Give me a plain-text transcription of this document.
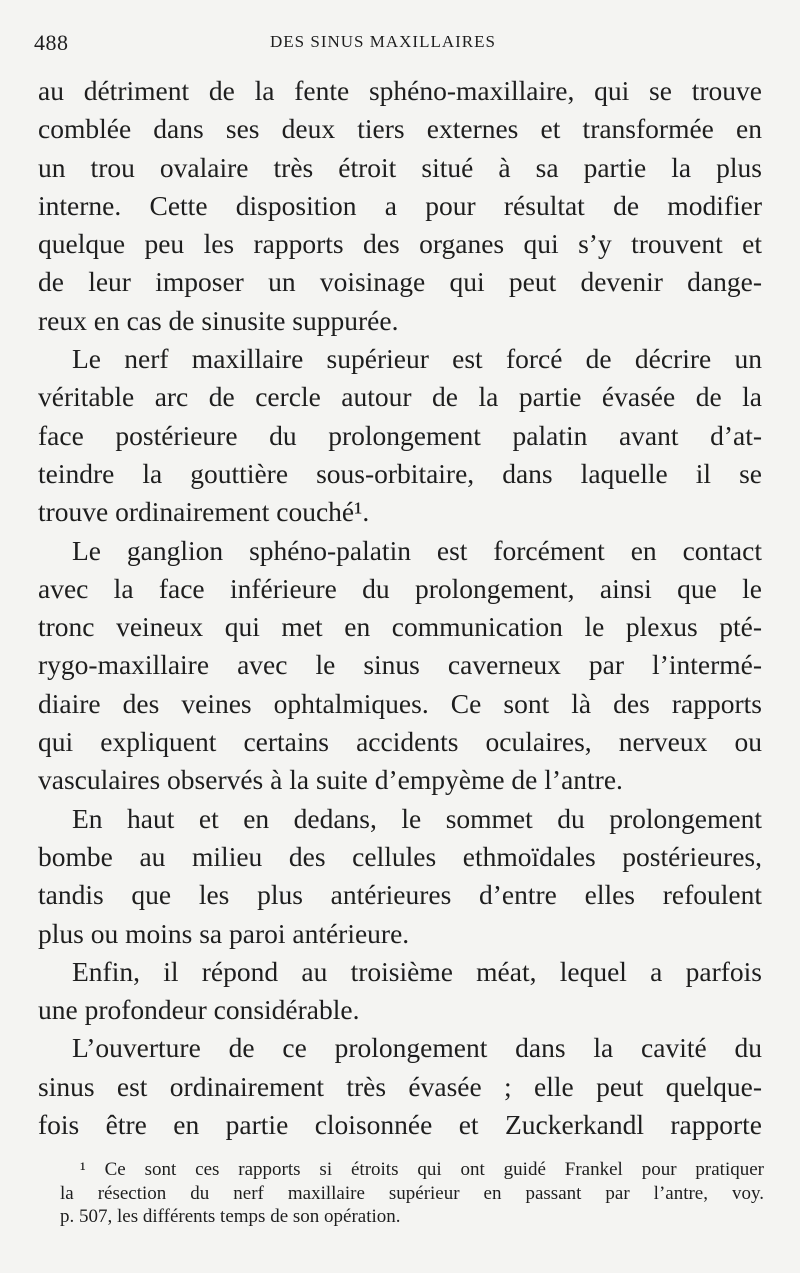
488	DES SINUS MAXILLAIRES
au détriment de la fente sphéno-maxillaire, qui se trouve
comblée dans ses deux tiers externes et transformée en
un trou ovalaire très étroit situé à sa partie la plus
interne. Cette disposition a pour résultat de modifier
quelque peu les rapports des organes qui s’y trouvent et
de leur imposer un voisinage qui peut devenir dange-
reux en cas de sinusite suppurée.
Le nerf maxillaire supérieur est forcé de décrire un
véritable arc de cercle autour de la partie évasée de la
face postérieure du prolongement palatin avant d’at-
teindre la gouttière sous-orbitaire, dans laquelle il se
trouve ordinairement couché¹.
Le ganglion sphéno-palatin est forcément en contact
avec la face inférieure du prolongement, ainsi que le
tronc veineux qui met en communication le plexus pté-
rygo-maxillaire avec le sinus caverneux par l’intermé-
diaire des veines ophtalmiques. Ce sont là des rapports
qui expliquent certains accidents oculaires, nerveux ou
vasculaires observés à la suite d’empyème de l’antre.
En haut et en dedans, le sommet du prolongement
bombe au milieu des cellules ethmoïdales postérieures,
tandis que les plus antérieures d’entre elles refoulent
plus ou moins sa paroi antérieure.
Enfin, il répond au troisième méat, lequel a parfois
une profondeur considérable.
L’ouverture de ce prolongement dans la cavité du
sinus est ordinairement très évasée ; elle peut quelque-
fois être en partie cloisonnée et Zuckerkandl rapporte
¹ Ce sont ces rapports si étroits qui ont guidé Frankel pour pratiquer
la résection du nerf maxillaire supérieur en passant par l’antre, voy.
p. 507, les différents temps de son opération.
